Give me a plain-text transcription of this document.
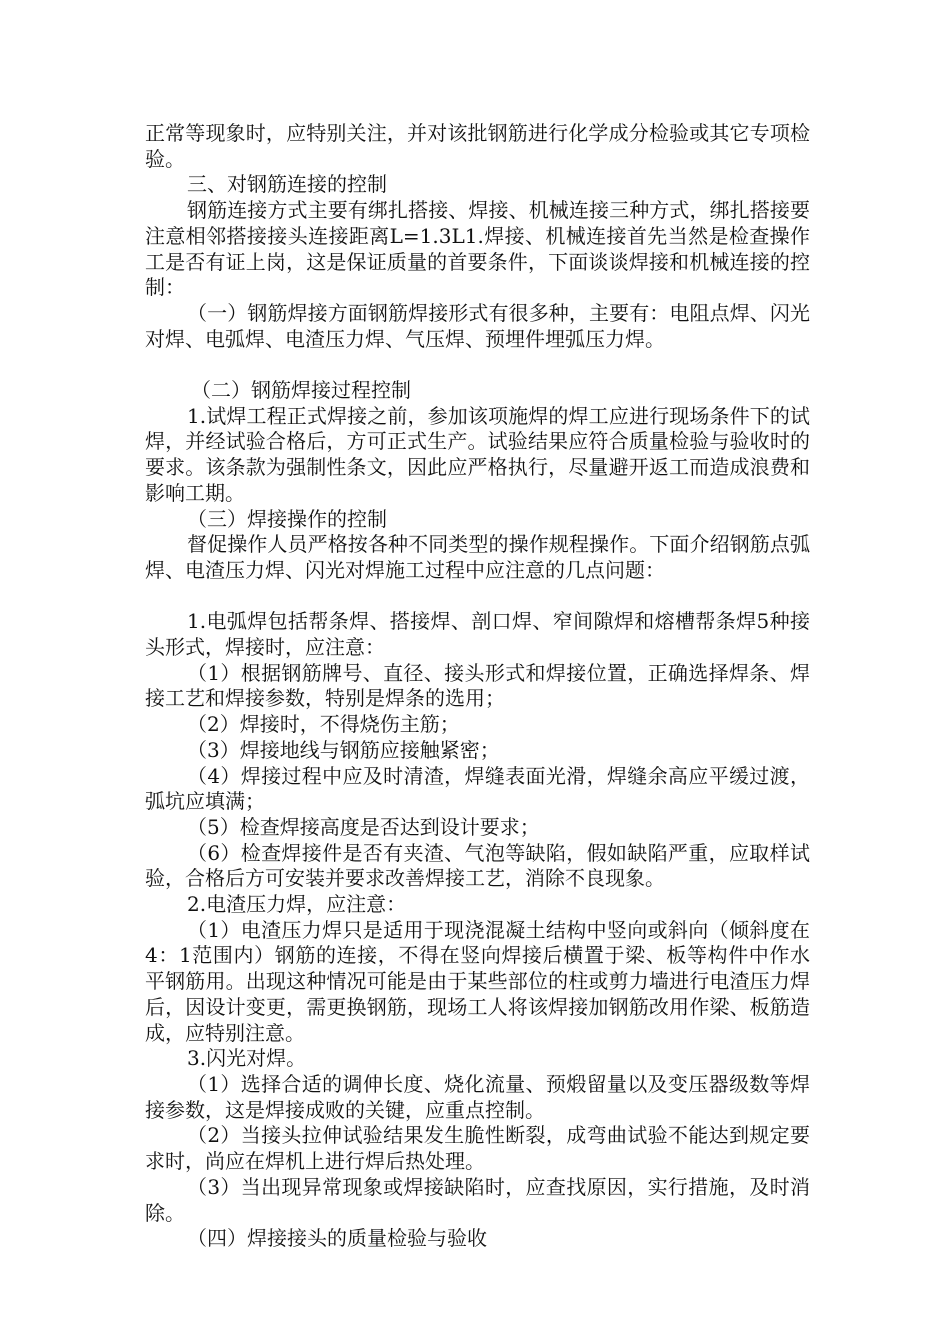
正常等现象时，应特别关注，并对该批钢筋进行化学成分检验或其它专项检验。

三、对钢筋连接的控制

钢筋连接方式主要有绑扎搭接、焊接、机械连接三种方式，绑扎搭接要注意相邻搭接接头连接距离L=1.3L1.焊接、机械连接首先当然是检查操作工是否有证上岗，这是保证质量的首要条件，下面谈谈焊接和机械连接的控制：

（一）钢筋焊接方面钢筋焊接形式有很多种，主要有：电阻点焊、闪光对焊、电弧焊、电渣压力焊、气压焊、预埋件埋弧压力焊。

（二）钢筋焊接过程控制

1.试焊工程正式焊接之前，参加该项施焊的焊工应进行现场条件下的试焊，并经试验合格后，方可正式生产。试验结果应符合质量检验与验收时的要求。该条款为强制性条文，因此应严格执行，尽量避开返工而造成浪费和影响工期。

（三）焊接操作的控制

督促操作人员严格按各种不同类型的操作规程操作。下面介绍钢筋点弧焊、电渣压力焊、闪光对焊施工过程中应注意的几点问题：

1.电弧焊包括帮条焊、搭接焊、剖口焊、窄间隙焊和熔槽帮条焊5种接头形式，焊接时，应注意：

（1）根据钢筋牌号、直径、接头形式和焊接位置，正确选择焊条、焊接工艺和焊接参数，特别是焊条的选用；

（2）焊接时，不得烧伤主筋；

（3）焊接地线与钢筋应接触紧密；

（4）焊接过程中应及时清渣，焊缝表面光滑，焊缝余高应平缓过渡，弧坑应填满；

（5）检查焊接高度是否达到设计要求；

（6）检查焊接件是否有夹渣、气泡等缺陷，假如缺陷严重，应取样试验，合格后方可安装并要求改善焊接工艺，消除不良现象。

2.电渣压力焊，应注意：

（1）电渣压力焊只是适用于现浇混凝土结构中竖向或斜向（倾斜度在4：1范围内）钢筋的连接，不得在竖向焊接后横置于梁、板等构件中作水平钢筋用。出现这种情况可能是由于某些部位的柱或剪力墙进行电渣压力焊后，因设计变更，需更换钢筋，现场工人将该焊接加钢筋改用作梁、板筋造成，应特别注意。

3.闪光对焊。

（1）选择合适的调伸长度、烧化流量、预煅留量以及变压器级数等焊接参数，这是焊接成败的关键，应重点控制。

（2）当接头拉伸试验结果发生脆性断裂，成弯曲试验不能达到规定要求时，尚应在焊机上进行焊后热处理。

（3）当出现异常现象或焊接缺陷时，应查找原因，实行措施，及时消除。

（四）焊接接头的质量检验与验收
